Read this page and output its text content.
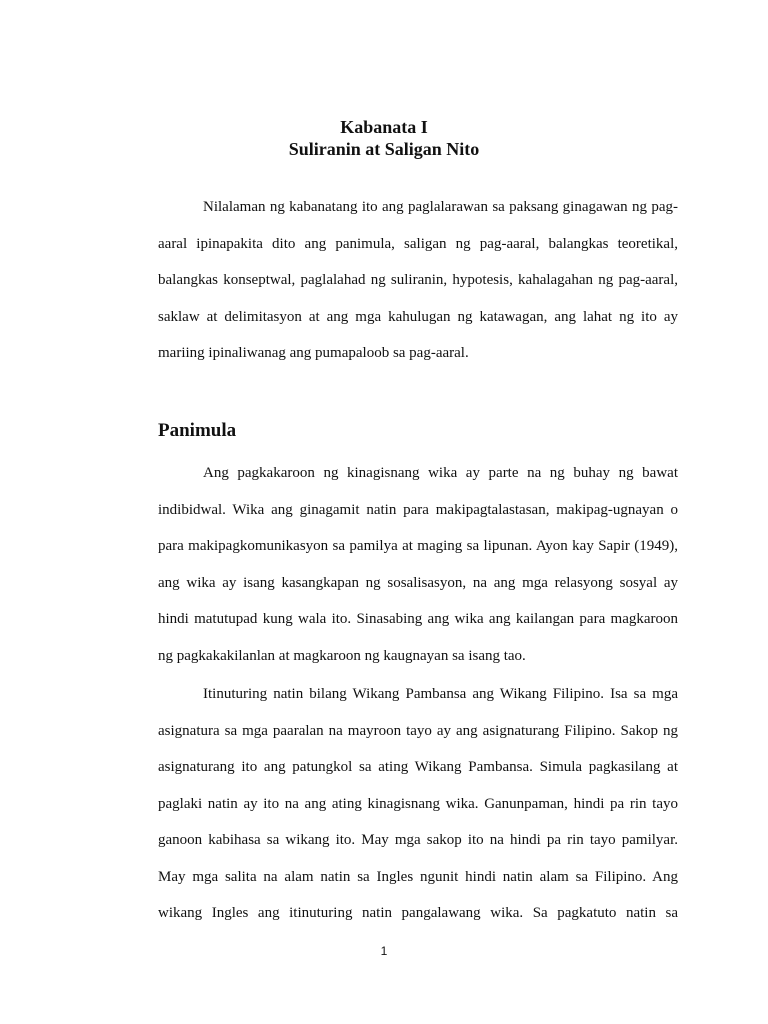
Kabanata I
Suliranin at Saligan Nito

Nilalaman ng kabanatang ito ang paglalarawan sa paksang ginagawan ng pag-
aaral ipinapakita dito ang panimula, saligan ng pag-aaral, balangkas teoretikal,
balangkas konseptwal, paglalahad ng suliranin, hypotesis, kahalagahan ng pag-aaral,
saklaw at delimitasyon at ang mga kahulugan ng katawagan, ang lahat ng ito ay
mariing ipinaliwanag ang pumapaloob sa pag-aaral.

Panimula

Ang pagkakaroon ng kinagisnang wika ay parte na ng buhay ng bawat
indibidwal. Wika ang ginagamit natin para makipagtalastasan, makipag-ugnayan o
para makipagkomunikasyon sa pamilya at maging sa lipunan. Ayon kay Sapir (1949),
ang wika ay isang kasangkapan ng sosalisasyon, na ang mga relasyong sosyal ay
hindi matutupad kung wala ito. Sinasabing ang wika ang kailangan para magkaroon
ng pagkakakilanlan at magkaroon ng kaugnayan sa isang tao.

Itinuturing natin bilang Wikang Pambansa ang Wikang Filipino. Isa sa mga
asignatura sa mga paaralan na mayroon tayo ay ang asignaturang Filipino. Sakop ng
asignaturang ito ang patungkol sa ating Wikang Pambansa. Simula pagkasilang at
paglaki natin ay ito na ang ating kinagisnang wika. Ganunpaman, hindi pa rin tayo
ganoon kabihasa sa wikang ito. May mga sakop ito na hindi pa rin tayo pamilyar.
May mga salita na alam natin sa Ingles ngunit hindi natin alam sa Filipino. Ang
wikang Ingles ang itinuturing natin pangalawang wika. Sa pagkatuto natin sa

1
